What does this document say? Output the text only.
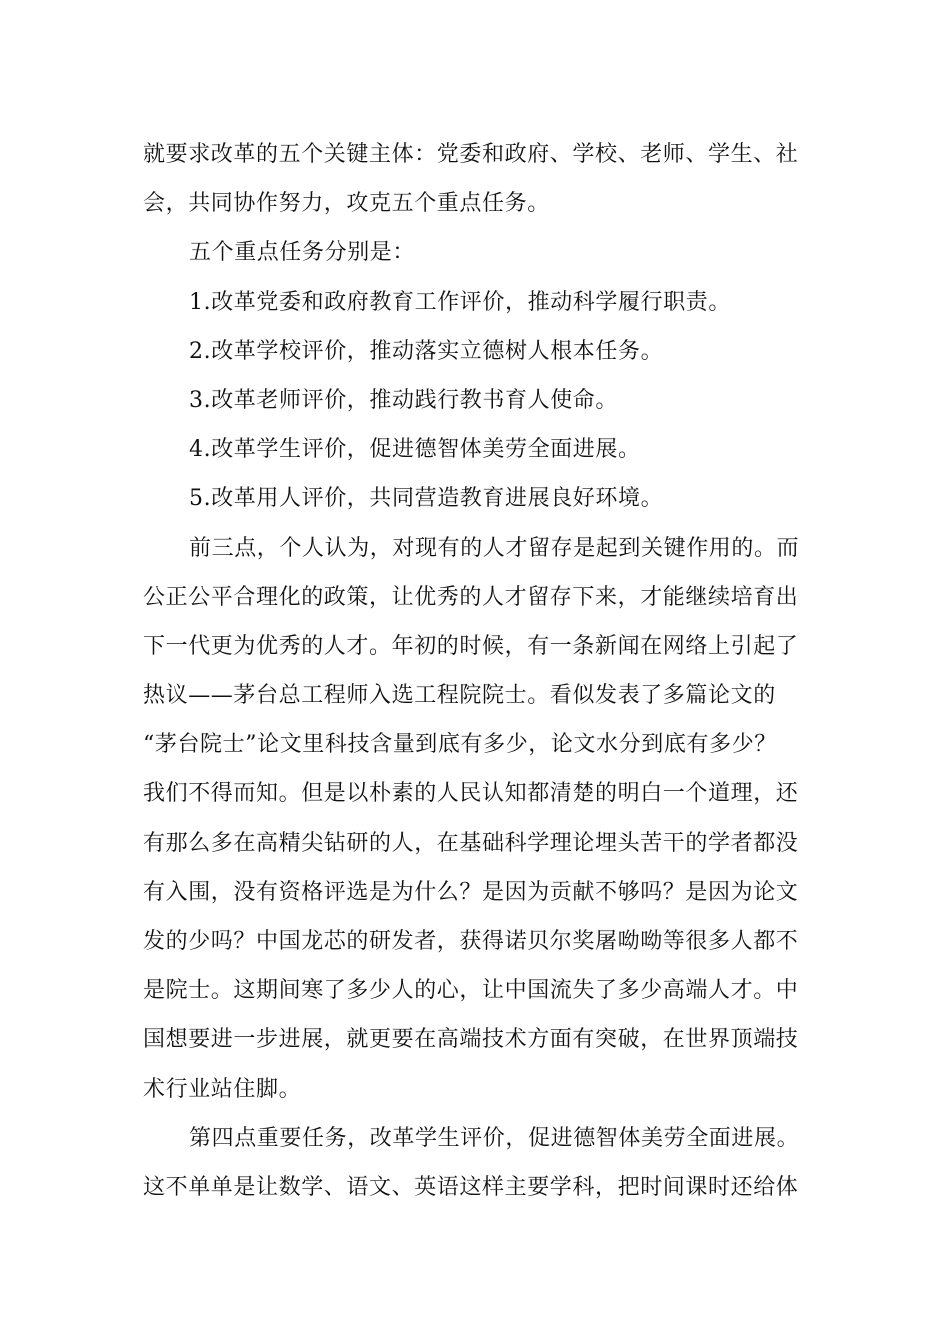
就要求改革的五个关键主体：党委和政府、学校、老师、学生、社
会，共同协作努力，攻克五个重点任务。
五个重点任务分别是：
1.改革党委和政府教育工作评价，推动科学履行职责。
2.改革学校评价，推动落实立德树人根本任务。
3.改革老师评价，推动践行教书育人使命。
4.改革学生评价，促进德智体美劳全面进展。
5.改革用人评价，共同营造教育进展良好环境。
前三点，个人认为，对现有的人才留存是起到关键作用的。而
公正公平合理化的政策，让优秀的人才留存下来，才能继续培育出
下一代更为优秀的人才。年初的时候，有一条新闻在网络上引起了
热议——茅台总工程师入选工程院院士。看似发表了多篇论文的
“茅台院士”论文里科技含量到底有多少，论文水分到底有多少？
我们不得而知。但是以朴素的人民认知都清楚的明白一个道理，还
有那么多在高精尖钻研的人，在基础科学理论埋头苦干的学者都没
有入围，没有资格评选是为什么？是因为贡献不够吗？是因为论文
发的少吗？中国龙芯的研发者，获得诺贝尔奖屠呦呦等很多人都不
是院士。这期间寒了多少人的心，让中国流失了多少高端人才。中
国想要进一步进展，就更要在高端技术方面有突破，在世界顶端技
术行业站住脚。
第四点重要任务，改革学生评价，促进德智体美劳全面进展。
这不单单是让数学、语文、英语这样主要学科，把时间课时还给体
